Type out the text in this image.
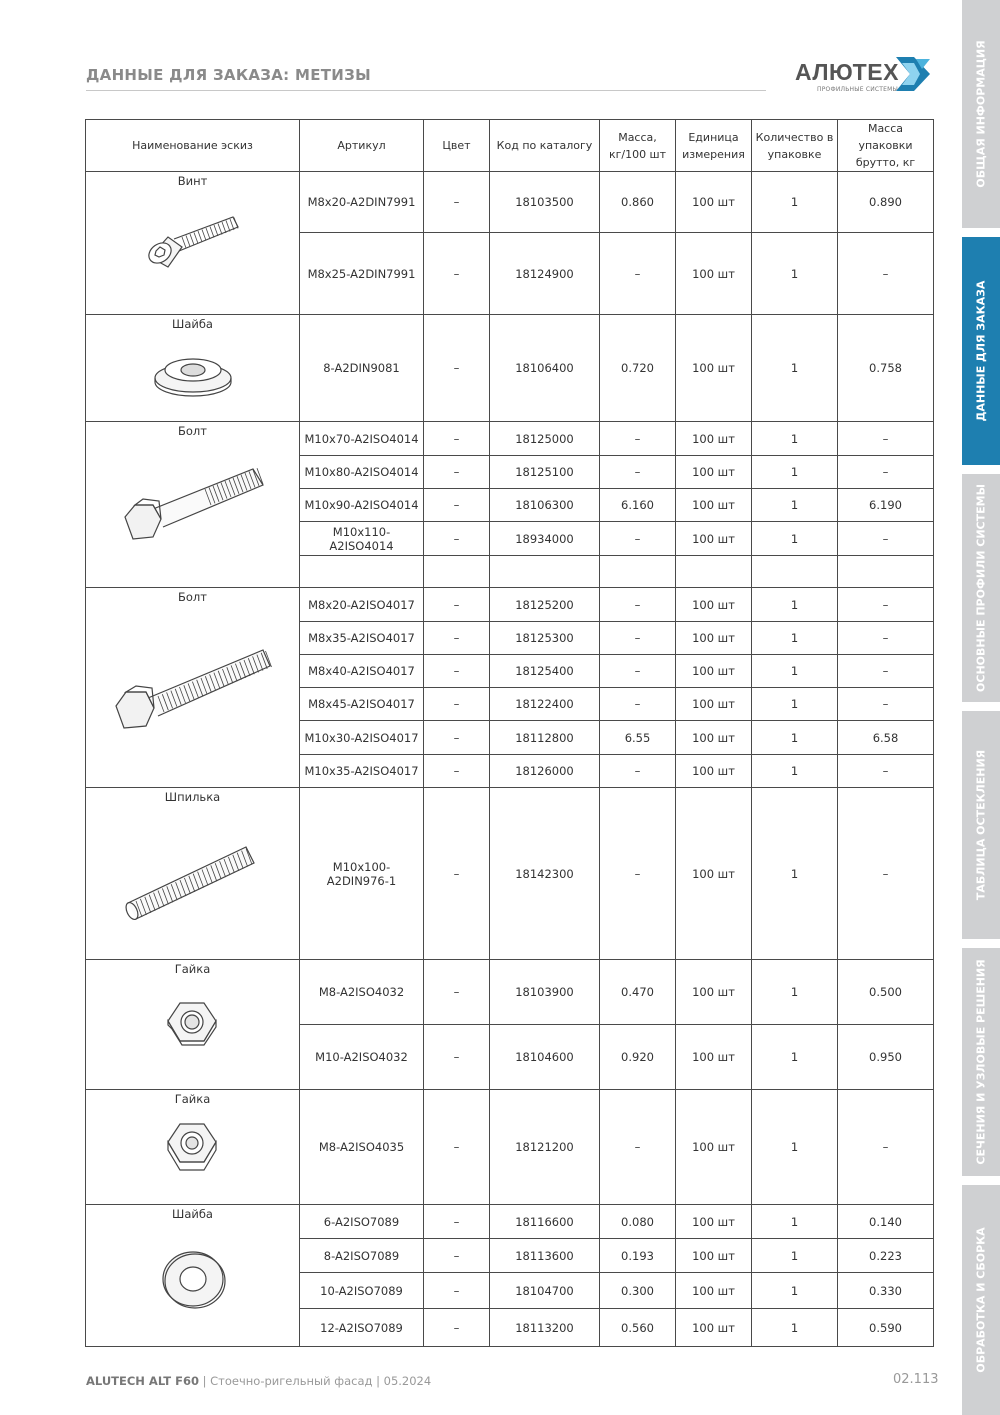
ДАННЫЕ ДЛЯ ЗАКАЗА: МЕТИЗЫ	АЛЮТЕХ
ПРОФИЛЬНЫЕ СИСТЕМЫ	ОБЩАЯ ИНФОРМАЦИЯ
ДАННЫЕ ДЛЯ ЗАКАЗА
ОСНОВНЫЕ ПРОФИЛИ СИСТЕМЫ
ТАБЛИЦА ОСТЕКЛЕНИЯ
СЕЧЕНИЯ И УЗЛОВЫЕ РЕШЕНИЯ
ОБРАБОТКА И СБОРКА
Наименование эскиз	Артикул	Цвет	Код по каталогу	Масса, кг/100 шт	Единица измерения	Количество в упаковке	Масса упаковки брутто, кг

Винт	M8x20-A2DIN7991	–	18103500	0.860	100 шт	1	0.890
	M8x25-A2DIN7991	–	18124900	–	100 шт	1	–

Шайба	8-A2DIN9081	–	18106400	0.720	100 шт	1	0.758

Болт	M10x70-A2ISO4014	–	18125000	–	100 шт	1	–
	M10x80-A2ISO4014	–	18125100	–	100 шт	1	–
	M10x90-A2ISO4014	–	18106300	6.160	100 шт	1	6.190
	M10x110-A2ISO4014	–	18934000	–	100 шт	1	–

Болт	M8x20-A2ISO4017	–	18125200	–	100 шт	1	–
	M8x35-A2ISO4017	–	18125300	–	100 шт	1	–
	M8x40-A2ISO4017	–	18125400	–	100 шт	1	–
	M8x45-A2ISO4017	–	18122400	–	100 шт	1	–
	M10x30-A2ISO4017	–	18112800	6.55	100 шт	1	6.58
	M10x35-A2ISO4017	–	18126000	–	100 шт	1	–

Шпилька	M10x100-A2DIN976-1	–	18142300	–	100 шт	1	–

Гайка	M8-A2ISO4032	–	18103900	0.470	100 шт	1	0.500
	M10-A2ISO4032	–	18104600	0.920	100 шт	1	0.950

Гайка	M8-A2ISO4035	–	18121200	–	100 шт	1	–

Шайба	6-A2ISO7089	–	18116600	0.080	100 шт	1	0.140
	8-A2ISO7089	–	18113600	0.193	100 шт	1	0.223
	10-A2ISO7089	–	18104700	0.300	100 шт	1	0.330
	12-A2ISO7089	–	18113200	0.560	100 шт	1	0.590
ALUTECH ALT F60 | Стоечно-ригельный фасад | 05.2024	02.113
